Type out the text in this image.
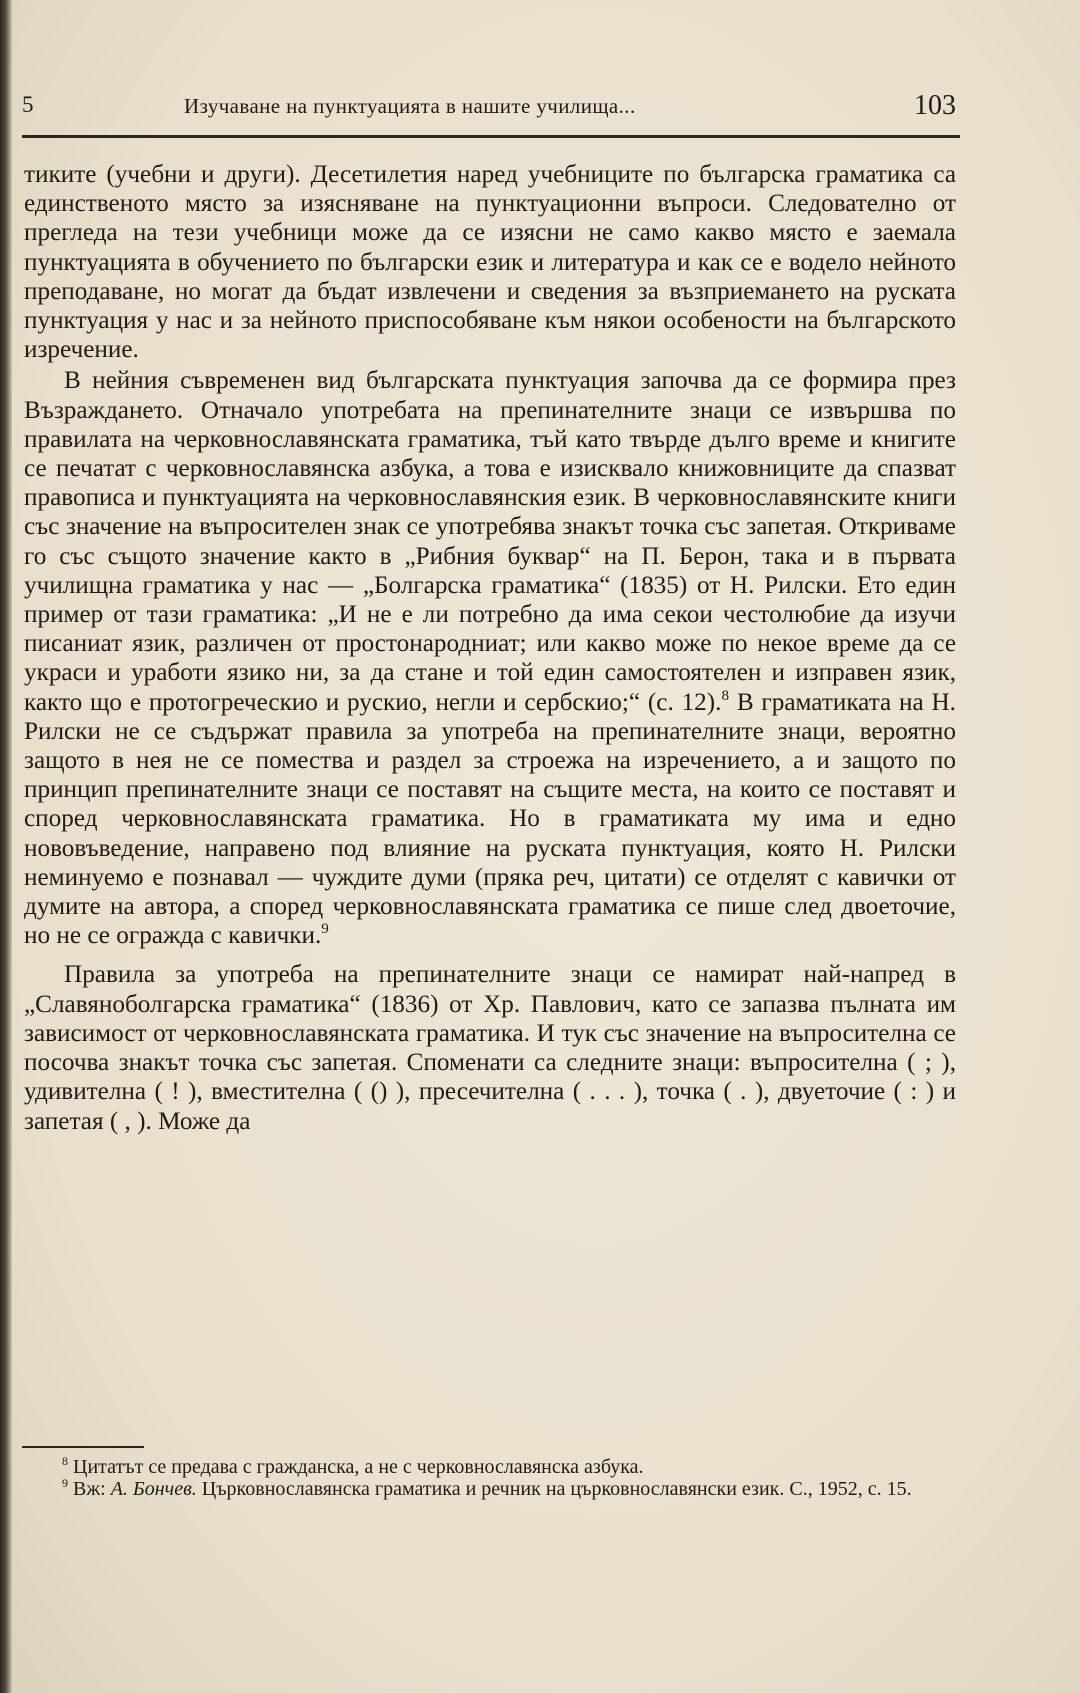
5	Изучаване на пунктуацията в нашите училища...	103

тиките (учебни и други). Десетилетия наред учебниците по българска граматика са единственото място за изясняване на пунктуационни въпроси. Следователно от прегледа на тези учебници може да се изясни не само какво място е заемала пунктуацията в обучението по български език и литература и как се е водело нейното преподаване, но могат да бъдат извлечени и сведения за възприемането на руската пунктуация у нас и за нейното приспособяване към някои особености на българското изречение.

В нейния съвременен вид българската пунктуация започва да се формира през Възраждането. Отначало употребата на препинателните знаци се извършва по правилата на черковнославянската граматика, тъй като твърде дълго време и книгите се печатат с черковнославянска азбука, а това е изисквало книжовниците да спазват правописа и пунктуацията на черковнославянския език. В черковнославянските книги със значение на въпросителен знак се употребява знакът точка със запетая. Откриваме го със същото значение както в „Рибния буквар“ на П. Берон, така и в първата училищна граматика у нас — „Болгарска граматика“ (1835) от Н. Рилски. Ето един пример от тази граматика: „И не е ли потребно да има секои честолюбие да изучи писаниат язик, различен от простонародниат; или какво може по некое време да се украси и уработи язико ни, за да стане и той един самостоятелен и изправен язик, както що е протогреческио и рускио, негли и сербскио;“ (с. 12).$^8$ В граматиката на Н. Рилски не се съдържат правила за употреба на препинателните знаци, вероятно защото в нея не се помества и раздел за строежа на изречението, а и защото по принцип препинателните знаци се поставят на същите места, на които се поставят и според черковнославянската граматика. Но в граматиката му има и едно нововъведение, направено под влияние на руската пунктуация, която Н. Рилски неминуемо е познавал — чуждите думи (пряка реч, цитати) се отделят с кавички от думите на автора, а според черковнославянската граматика се пише след двоеточие, но не се огражда с кавички.$^9$

Правила за употреба на препинателните знаци се намират най-напред в „Славяноболгарска граматика“ (1836) от Хр. Павлович, като се запазва пълната им зависимост от черковнославянската граматика. И тук със значение на въпросителна се посочва знакът точка със запетая. Споменати са следните знаци: въпросителна ( ; ), удивителна ( ! ), вместителна ( () ), пресечителна ( . . . ), точка ( . ), двуеточие ( : ) и запетая ( , ). Може да

$^8$ Цитатът се предава с гражданска, а не с черковнославянска азбука.

$^9$ Вж: А. Бончев. Църковнославянска граматика и речник на църковнославянски език. С., 1952, с. 15.
